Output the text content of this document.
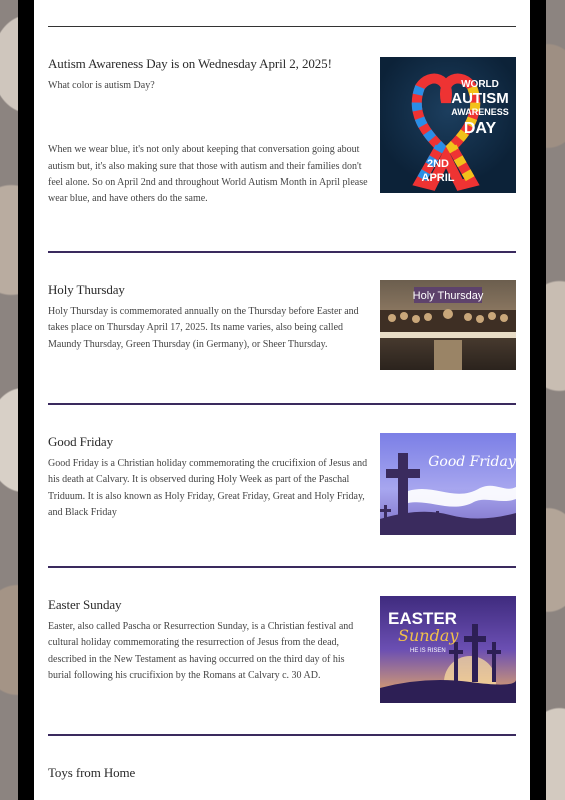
Autism Awareness Day is on Wednesday April 2, 2025!

What color is autism Day?

When we wear blue, it's not only about keeping that conversation going about autism but, it's also making sure that those with autism and their families don't feel alone. So on April 2nd and throughout World Autism Month in April please wear blue, and have others do the same.

WORLD
AUTISM
AWARENESS
DAY
2ND
APRIL
Holy Thursday

Holy Thursday is commemorated annually on the Thursday before Easter and takes place on Thursday April 17, 2025. Its name varies, also being called Maundy Thursday, Green Thursday (in Germany), or Sheer Thursday.

Holy Thursday
Good Friday

Good Friday is a Christian holiday commemorating the crucifixion of Jesus and his death at Calvary. It is observed during Holy Week as part of the Paschal Triduum. It is also known as Holy Friday, Great Friday, Great and Holy Friday, and Black Friday

Good Friday
Easter Sunday

Easter, also called Pascha or Resurrection Sunday, is a Christian festival and cultural holiday commemorating the resurrection of Jesus from the dead, described in the New Testament as having occurred on the third day of his burial following his crucifixion by the Romans at Calvary c. 30 AD.

EASTER
Sunday
HE IS RISEN
Toys from Home
